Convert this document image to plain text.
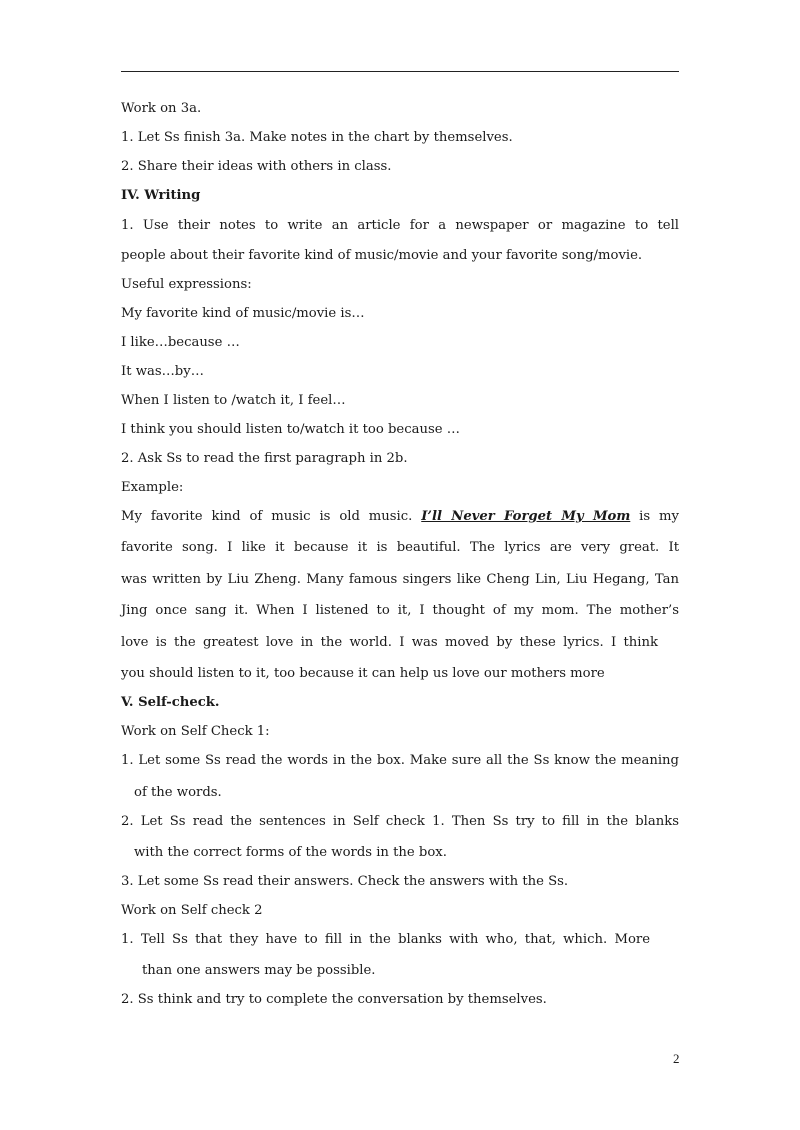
Work on 3a.
1. Let Ss finish 3a. Make notes in the chart by themselves.
2. Share their ideas with others in class.
IV. Writing
1. Use their notes to write an article for a newspaper or magazine to tell
people about their favorite kind of music/movie and your favorite song/movie.
Useful expressions:
My favorite kind of music/movie is…
I like…because …
It was…by…
When I listen to /watch it, I feel…
I think you should listen to/watch it too because …
2. Ask Ss to read the first paragraph in 2b.
Example:
My favorite kind of music is old music. I’ll Never Forget My Mom is my
favorite song. I like it because it is beautiful. The lyrics are very great. It
was written by Liu Zheng. Many famous singers like Cheng Lin, Liu Hegang, Tan
Jing once sang it. When I listened to it, I thought of my mom. The mother’s
love is the greatest love in the world. I was moved by these lyrics. I think
you should listen to it, too because it can help us love our mothers more
V. Self-check.
Work on Self Check 1:
1. Let some Ss read the words in the box. Make sure all the Ss know the meaning
of the words.
2. Let Ss read the sentences in Self check 1. Then Ss try to fill in the blanks
with the correct forms of the words in the box.
3. Let some Ss read their answers. Check the answers with the Ss.
Work on Self check 2
1. Tell Ss that they have to fill in the blanks with who, that, which. More
than one answers may be possible.
2. Ss think and try to complete the conversation by themselves.
2
